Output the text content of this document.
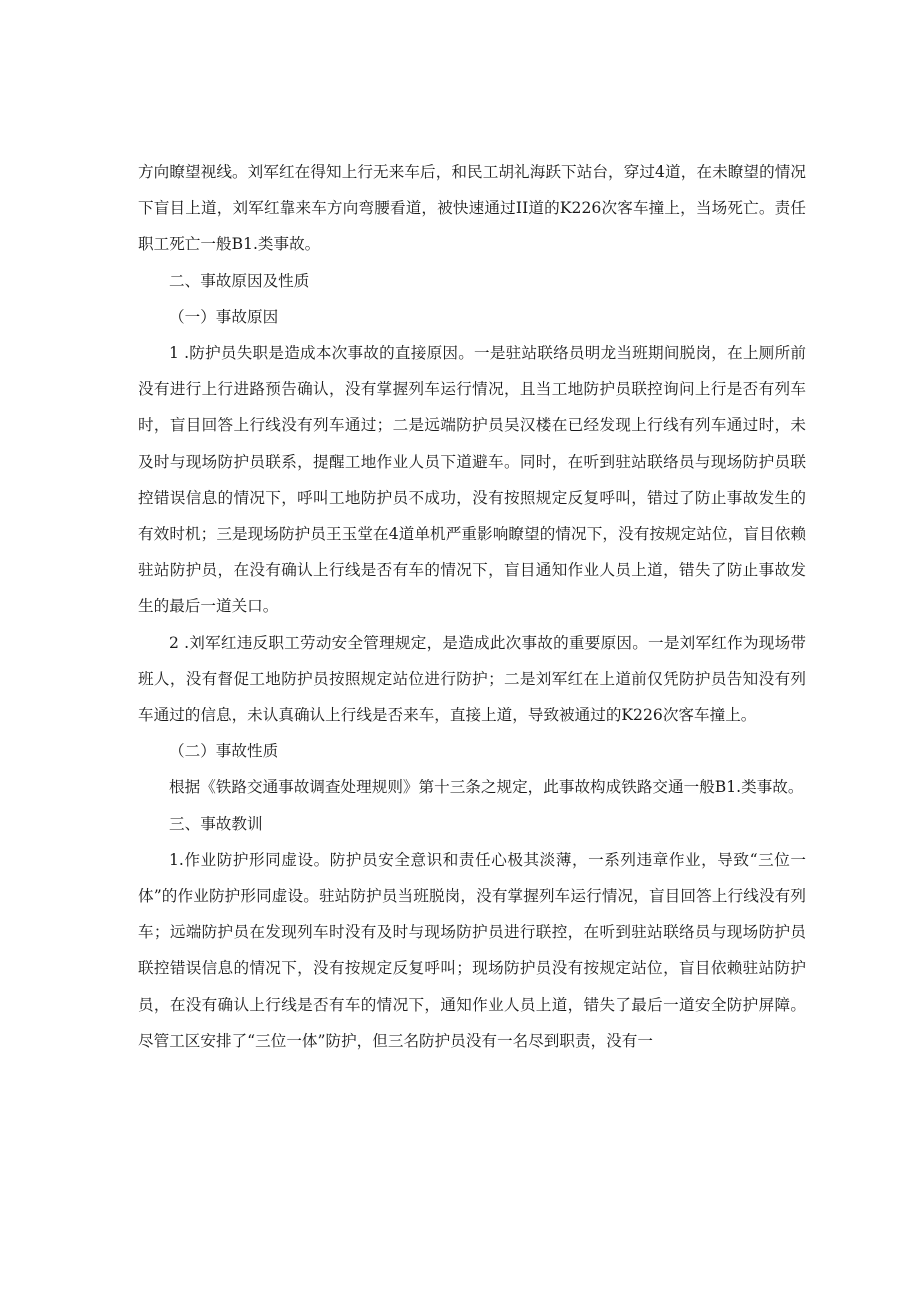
方向瞭望视线。刘军红在得知上行无来车后，和民工胡礼海跃下站台，穿过4道，在未瞭望的情况下盲目上道，刘军红靠来车方向弯腰看道，被快速通过II道的K226次客车撞上，当场死亡。责任职工死亡一般B1.类事故。

二、事故原因及性质

（一）事故原因

1 .防护员失职是造成本次事故的直接原因。一是驻站联络员明龙当班期间脱岗，在上厕所前没有进行上行进路预告确认，没有掌握列车运行情况，且当工地防护员联控询问上行是否有列车时，盲目回答上行线没有列车通过；二是远端防护员吴汉楼在已经发现上行线有列车通过时，未及时与现场防护员联系，提醒工地作业人员下道避车。同时，在听到驻站联络员与现场防护员联控错误信息的情况下，呼叫工地防护员不成功，没有按照规定反复呼叫，错过了防止事故发生的有效时机；三是现场防护员王玉堂在4道单机严重影响瞭望的情况下，没有按规定站位，盲目依赖驻站防护员，在没有确认上行线是否有车的情况下，盲目通知作业人员上道，错失了防止事故发生的最后一道关口。

2 .刘军红违反职工劳动安全管理规定，是造成此次事故的重要原因。一是刘军红作为现场带班人，没有督促工地防护员按照规定站位进行防护；二是刘军红在上道前仅凭防护员告知没有列车通过的信息，未认真确认上行线是否来车，直接上道，导致被通过的K226次客车撞上。

（二）事故性质

根据《铁路交通事故调查处理规则》第十三条之规定，此事故构成铁路交通一般B1.类事故。

三、事故教训

1.作业防护形同虚设。防护员安全意识和责任心极其淡薄，一系列违章作业，导致“三位一体”的作业防护形同虚设。驻站防护员当班脱岗，没有掌握列车运行情况，盲目回答上行线没有列车；远端防护员在发现列车时没有及时与现场防护员进行联控，在听到驻站联络员与现场防护员联控错误信息的情况下，没有按规定反复呼叫；现场防护员没有按规定站位，盲目依赖驻站防护员，在没有确认上行线是否有车的情况下，通知作业人员上道，错失了最后一道安全防护屏障。尽管工区安排了“三位一体”防护，但三名防护员没有一名尽到职责，没有一
